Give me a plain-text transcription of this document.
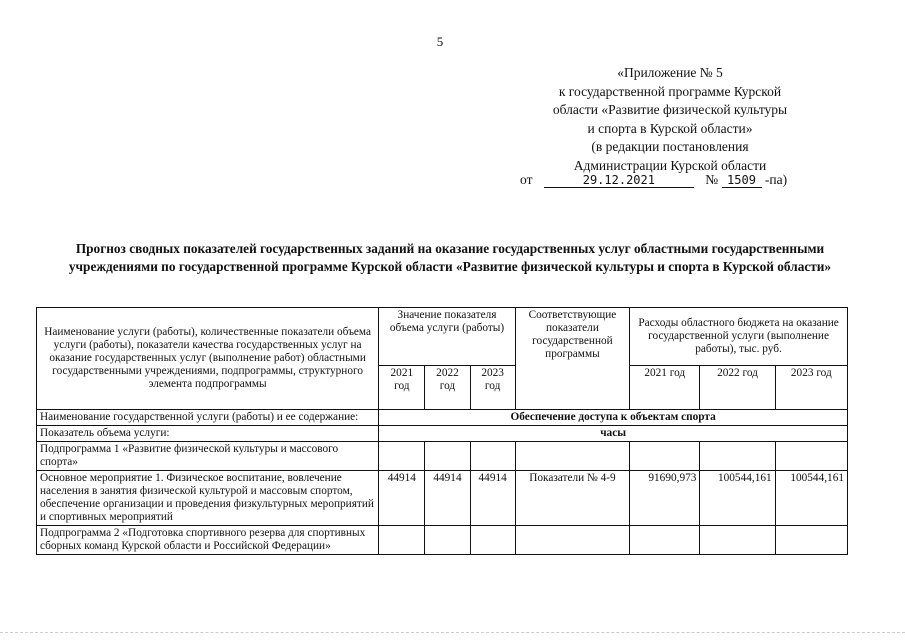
5
«Приложение № 5
к государственной программе Курской
области «Развитие физической культуры
и спорта в Курской области»
(в редакции постановления
Администрации Курской области
от	29.12.2021	№ 1509 -па)
Прогноз сводных показателей государственных заданий на оказание государственных услуг областными государственными учреждениями по государственной программе Курской области «Развитие физической культуры и спорта в Курской области»
Наименование услуги (работы), количественные показатели объема услуги (работы), показатели качества государственных услуг на оказание государственных услуг (выполнение работ) областными государственными учреждениями, подпрограммы, структурного элемента подпрограммы	Значение показателя объема услуги (работы)			Соответствующие показатели государственной программы	Расходы областного бюджета на оказание государственной услуги (выполнение работы), тыс. руб.		
	2021 год	2022 год	2023 год		2021 год	2022 год	2023 год
Наименование государственной услуги (работы) и ее содержание:	Обеспечение доступа к объектам спорта						
Показатель объема услуги:	часы						
Подпрограмма 1 «Развитие физической культуры и массового спорта»							
Основное мероприятие 1. Физическое воспитание, вовлечение населения в занятия физической культурой и массовым спортом, обеспечение организации и проведения физкультурных мероприятий и спортивных мероприятий	44914	44914	44914	Показатели № 4-9	91690,973	100544,161	100544,161
Подпрограмма 2 «Подготовка спортивного резерва для спортивных сборных команд Курской области и Российской Федерации»							
